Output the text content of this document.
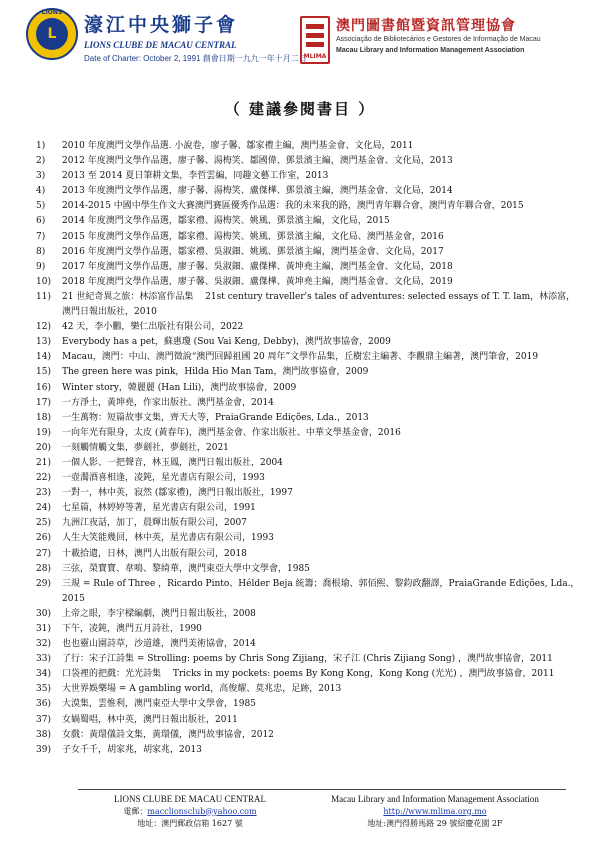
LIONS
L	濠江中央獅子會
LIONS CLUBE DE MACAU CENTRAL
Date of Charter: October 2, 1991 創會日期一九九一年十月二日
MLIMA
澳門圖書館暨資訊管理協會
Associação de Bibliotecários e Gestores de Informação de Macau
Macau Library and Information Management Association
（ 建議參閱書目 ）
1)	2010 年度澳門文學作品選. 小說卷，廖子馨、鄒家禮主編，澳門基金會、文化局，2011
2)	2012 年度澳門文學作品選，廖子馨、湯梅笑、鄒國偉、鄧景濱主編，澳門基金會、文化局，2013
3)	2013 至 2014 夏日筆耕文集，李哲雲編，同趣文藝工作室，2013
4)	2013 年度澳門文學作品選，廖子馨、湯梅笑、盧傑樺、鄧景濱主編，澳門基金會、文化局，2014
5)	2014-2015 中國中學生作文大賽澳門賽區優秀作品選：我的未來我的路，澳門青年聯合會，澳門青年聯合會，2015
6)	2014 年度澳門文學作品選，鄒家禮、湯梅笑、姚風、鄧景濱主編，文化局，2015
7)	2015 年度澳門文學作品選，鄒家禮、湯梅笑、姚風、鄧景濱主編，文化局、澳門基金會，2016
8)	2016 年度澳門文學作品選，鄒家禮、吳淑鈿、姚風、鄧景濱主編，澳門基金會、文化局，2017
9)	2017 年度澳門文學作品選，廖子馨、吳淑鈿、盧傑樺、黃坤堯主編，澳門基金會、文化局，2018
10)	2018 年度澳門文學作品選，廖子馨、吳淑鈿、盧傑樺、黃坤堯主編，澳門基金會、文化局，2019
11)	21 世紀奇異之旅：林添富作品集　 21st century traveller's tales of adventures: selected essays of T. T. lam，林添富，澳門日報出版社，2010
12)	42 天，李小鵬，樂仁出版社有限公司，2022
13)	Everybody has a pet，蘇惠瓊 (Sou Vai Keng, Debby)，澳門故事協會，2009
14)	Macau，澳門：中山、澳門徵說“澳門回歸祖國 20 周年”文學作品集，丘樹宏主編著、李觀鼎主編著，澳門筆會，2019
15)	The green here was pink，Hilda Hio Man Tam，澳門故事協會，2009
16)	Winter story，韓麗麗 (Han Lili)，澳門故事協會，2009
17)	一方淨土，黃坤堯，作家出版社、澳門基金會，2014
18)	一生萬物：短篇故事文集，齊天大等，PraiaGrande Edições, Lda.，2013
19)	一向年光有限身，太皮 (黃春年)，澳門基金會、作家出版社、中華文學基金會，2016
20)	一刻觸情觸文集，夢劍社，夢劍社，2021
21)	一個人影、一把聲音，林玉鳳，澳門日報出版社，2004
22)	一壺濁酒喜相逢，凌鈍，星光書店有限公司，1993
23)	一對一，林中英，寂然 (鄒家禮)，澳門日報出版社，1997
24)	七星篇，林婷婷等著，星光書店有限公司，1991
25)	九洲江夜話，加丁，晨輝出版有限公司，2007
26)	人生大笑能幾回，林中英，星光書店有限公司，1993
27)	十載拾遺，日林，澳門人出版有限公司，2018
28)	三弦，榮寶寶、韋鳴、黎綺華，澳門東亞大學中文學會，1985
29)	三規 = Rule of Three ，Ricardo Pinto、Hélder Beja 統籌；喬根瑜、郭佰熙、黎鈞政翻譯，PraiaGrande Edições, Lda.，2015
30)	上帝之眼，李宇樑編劇，澳門日報出版社，2008
31)	下午，凌鈍，澳門五月詩社，1990
32)	也也靈山園詩草，沙道雄，澳門美術協會，2014
33)	了行：宋子江詩集 = Strolling: poems by Chris Song Zijiang，宋子江 (Chris Zijiang Song) ，澳門故事協會，2011
34)	口袋裡的把戲：光光詩集　 Tricks in my pockets: poems By Kong Kong，Kong Kong (光光) ，澳門故事協會，2011
35)	大世界娛樂場 = A gambling world，高俊耀、莫兆忠，足跡，2013
36)	大漠集，雲惟利，澳門東亞大學中文學會，1985
37)	女媧蜀唱，林中英，澳門日報出版社，2011
38)	女戲：黃環儀詩文集，黃環儀，澳門故事協會，2012
39)	子女千千，胡家兆，胡家兆，2013
LIONS CLUBE DE MACAU CENTRAL
電郵：macclionsclub@yahoo.com
地址：澳門郵政信箱 1627 號
Macau Library and Information Management Association
http://www.mlima.org.mo
地址:澳門得勝馬路 29 號紹慶花園 2F
